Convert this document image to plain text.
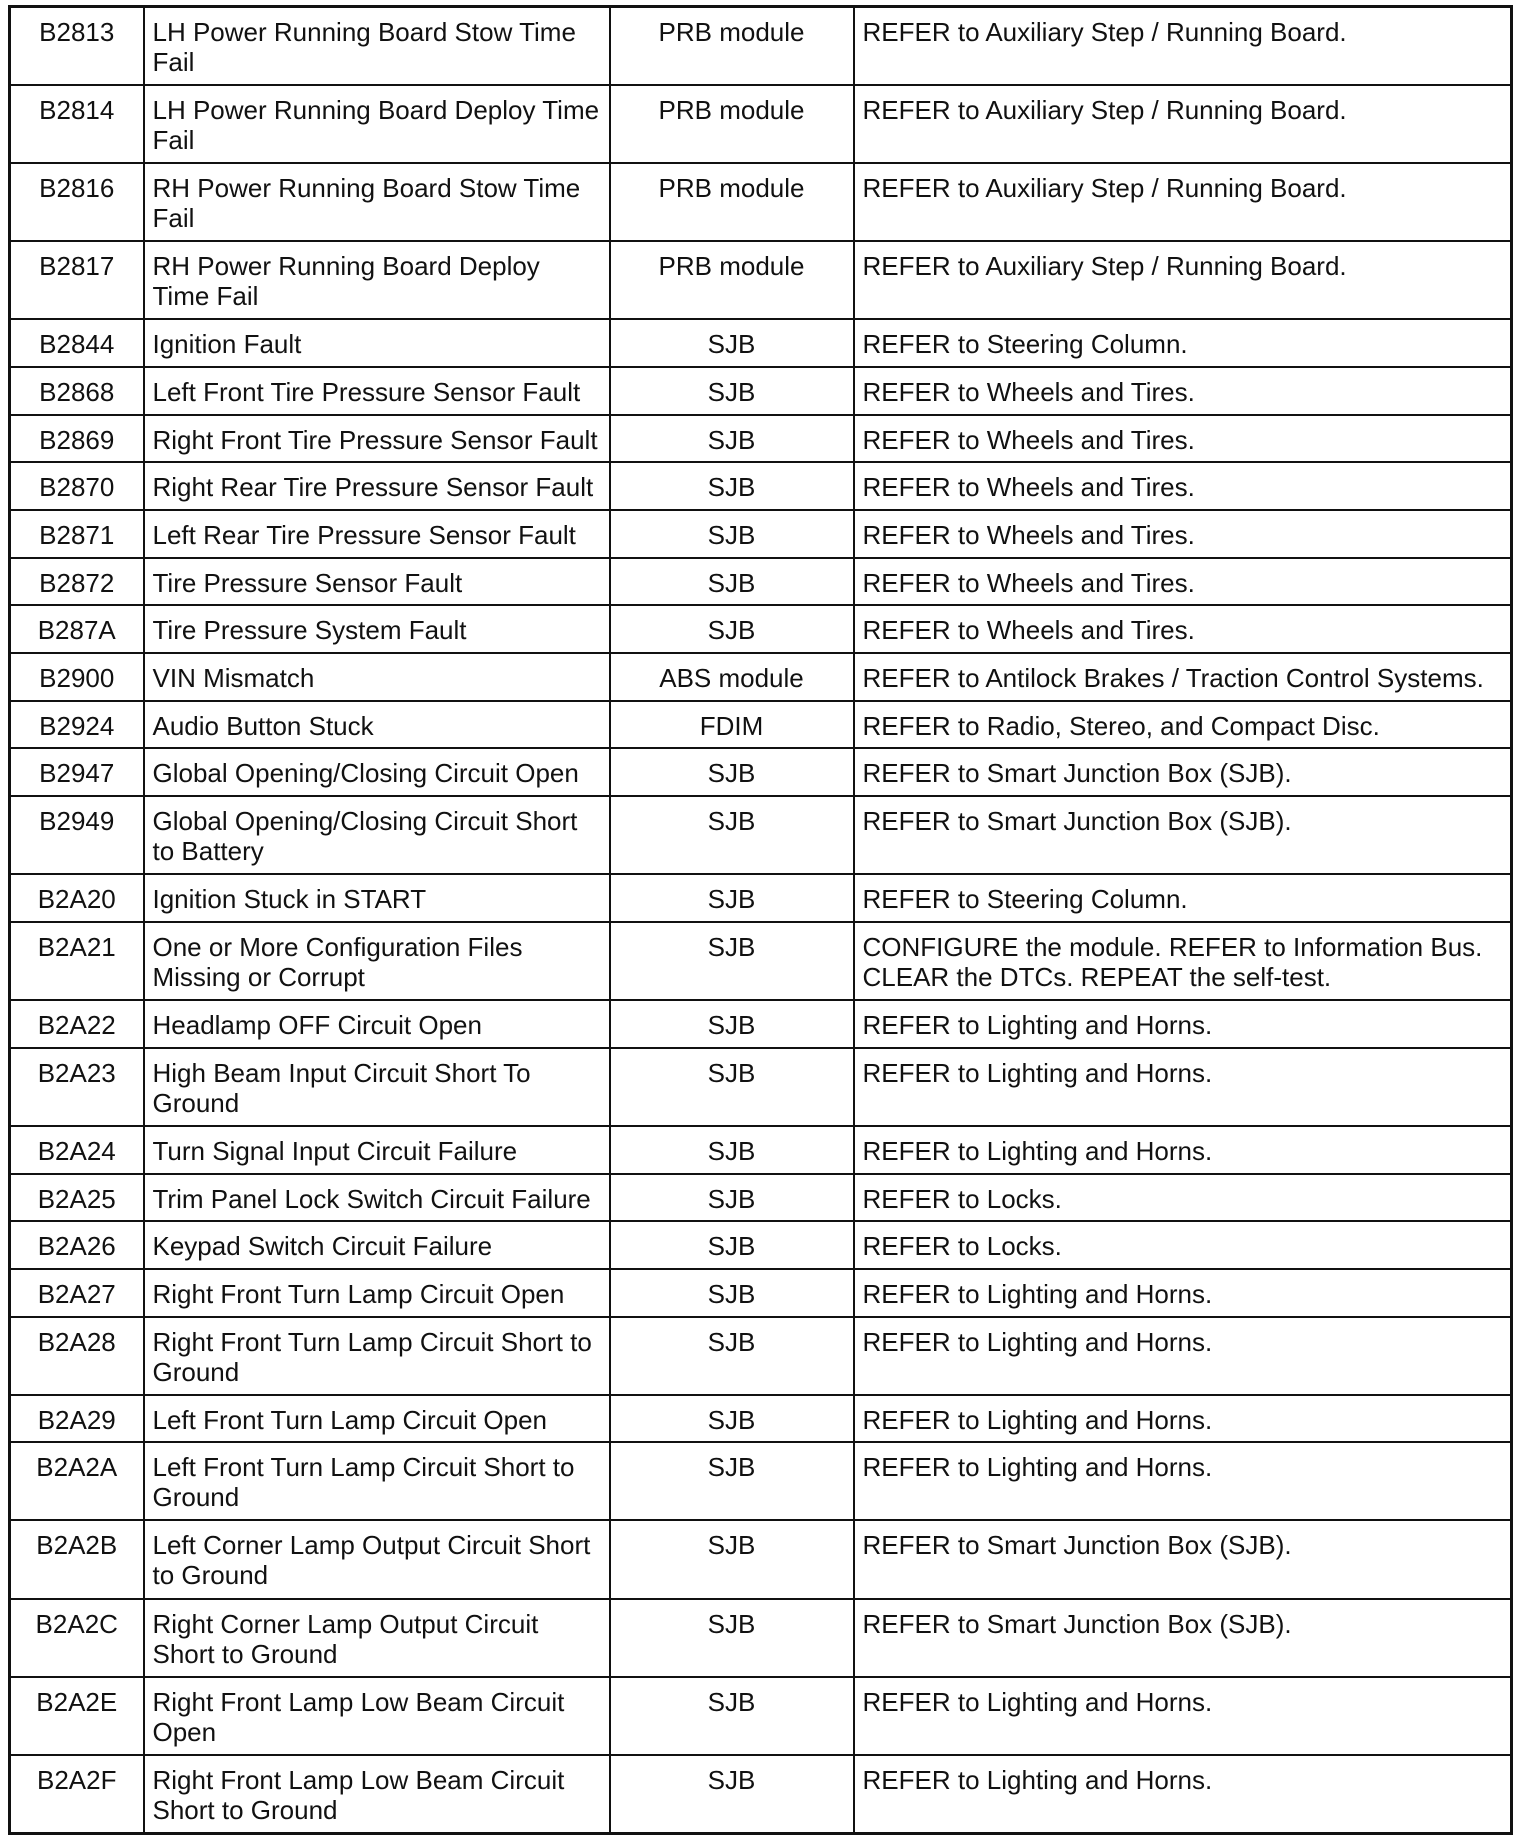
B2813	LH Power Running Board Stow Time Fail	PRB module	REFER to Auxiliary Step / Running Board.
B2814	LH Power Running Board Deploy Time Fail	PRB module	REFER to Auxiliary Step / Running Board.
B2816	RH Power Running Board Stow Time Fail	PRB module	REFER to Auxiliary Step / Running Board.
B2817	RH Power Running Board Deploy Time Fail	PRB module	REFER to Auxiliary Step / Running Board.
B2844	Ignition Fault	SJB	REFER to Steering Column.
B2868	Left Front Tire Pressure Sensor Fault	SJB	REFER to Wheels and Tires.
B2869	Right Front Tire Pressure Sensor Fault	SJB	REFER to Wheels and Tires.
B2870	Right Rear Tire Pressure Sensor Fault	SJB	REFER to Wheels and Tires.
B2871	Left Rear Tire Pressure Sensor Fault	SJB	REFER to Wheels and Tires.
B2872	Tire Pressure Sensor Fault	SJB	REFER to Wheels and Tires.
B287A	Tire Pressure System Fault	SJB	REFER to Wheels and Tires.
B2900	VIN Mismatch	ABS module	REFER to Antilock Brakes / Traction Control Systems.
B2924	Audio Button Stuck	FDIM	REFER to Radio, Stereo, and Compact Disc.
B2947	Global Opening/Closing Circuit Open	SJB	REFER to Smart Junction Box (SJB).
B2949	Global Opening/Closing Circuit Short to Battery	SJB	REFER to Smart Junction Box (SJB).
B2A20	Ignition Stuck in START	SJB	REFER to Steering Column.
B2A21	One or More Configuration Files Missing or Corrupt	SJB	CONFIGURE the module. REFER to Information Bus. CLEAR the DTCs. REPEAT the self-test.
B2A22	Headlamp OFF Circuit Open	SJB	REFER to Lighting and Horns.
B2A23	High Beam Input Circuit Short To Ground	SJB	REFER to Lighting and Horns.
B2A24	Turn Signal Input Circuit Failure	SJB	REFER to Lighting and Horns.
B2A25	Trim Panel Lock Switch Circuit Failure	SJB	REFER to Locks.
B2A26	Keypad Switch Circuit Failure	SJB	REFER to Locks.
B2A27	Right Front Turn Lamp Circuit Open	SJB	REFER to Lighting and Horns.
B2A28	Right Front Turn Lamp Circuit Short to Ground	SJB	REFER to Lighting and Horns.
B2A29	Left Front Turn Lamp Circuit Open	SJB	REFER to Lighting and Horns.
B2A2A	Left Front Turn Lamp Circuit Short to Ground	SJB	REFER to Lighting and Horns.
B2A2B	Left Corner Lamp Output Circuit Short to Ground	SJB	REFER to Smart Junction Box (SJB).
B2A2C	Right Corner Lamp Output Circuit Short to Ground	SJB	REFER to Smart Junction Box (SJB).
B2A2E	Right Front Lamp Low Beam Circuit Open	SJB	REFER to Lighting and Horns.
B2A2F	Right Front Lamp Low Beam Circuit Short to Ground	SJB	REFER to Lighting and Horns.
